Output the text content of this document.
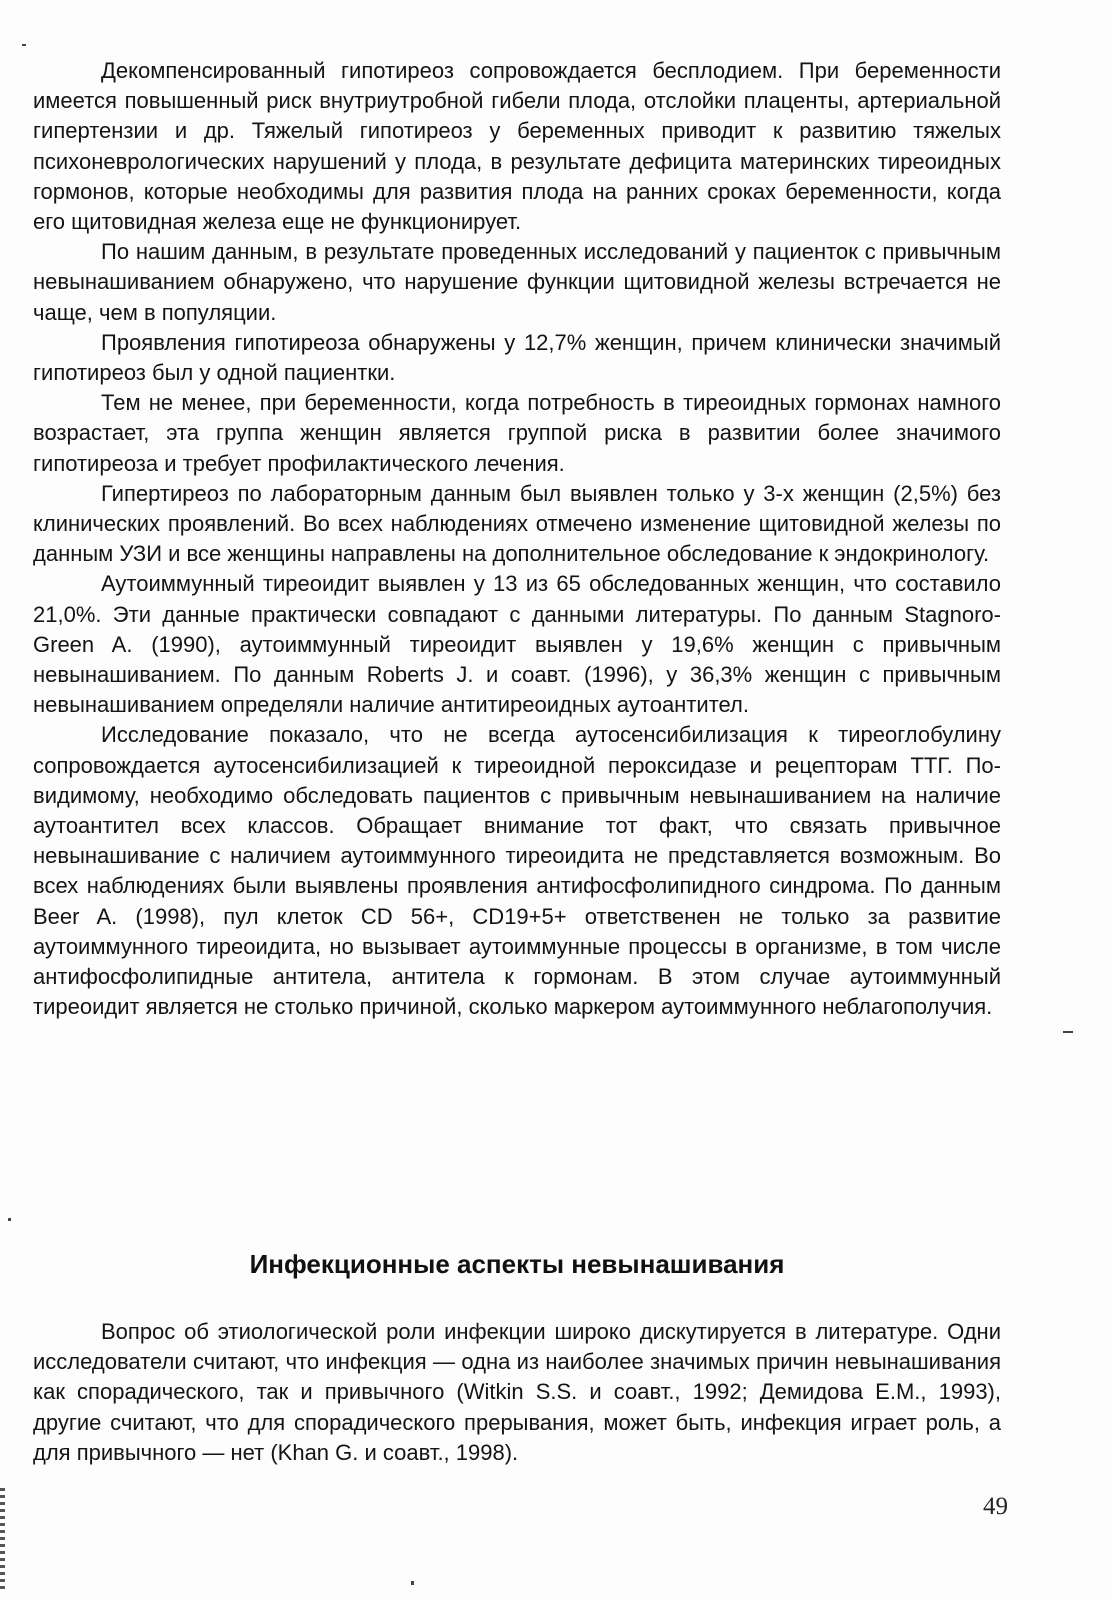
Декомпенсированный гипотиреоз сопровождается бесплодием. При беременности имеется повышенный риск внутриутробной гибели плода, отслойки плаценты, артериальной гипертензии и др. Тяжелый гипотиреоз у беременных приводит к развитию тяжелых психоневрологических нарушений у плода, в результате дефицита материнских тиреоидных гормонов, которые необходимы для развития плода на ранних сроках беременности, когда его щитовидная железа еще не функционирует.

По нашим данным, в результате проведенных исследований у пациенток с привычным невынашиванием обнаружено, что нарушение функции щитовидной железы встречается не чаще, чем в популяции.

Проявления гипотиреоза обнаружены у 12,7% женщин, причем клинически значимый гипотиреоз был у одной пациентки.

Тем не менее, при беременности, когда потребность в тиреоидных гормонах намного возрастает, эта группа женщин является группой риска в развитии более значимого гипотиреоза и требует профилактического лечения.

Гипертиреоз по лабораторным данным был выявлен только у 3-х женщин (2,5%) без клинических проявлений. Во всех наблюдениях отмечено изменение щитовидной железы по данным УЗИ и все женщины направлены на дополнительное обследование к эндокринологу.

Аутоиммунный тиреоидит выявлен у 13 из 65 обследованных женщин, что составило 21,0%. Эти данные практически совпадают с данными литературы. По данным Stagnoro-Green A. (1990), аутоиммунный тиреоидит выявлен у 19,6% женщин с привычным невынашиванием. По данным Roberts J. и соавт. (1996), у 36,3% женщин с привычным невынашиванием определяли наличие антитиреоидных аутоантител.

Исследование показало, что не всегда аутосенсибилизация к тиреоглобулину сопровождается аутосенсибилизацией к тиреоидной пероксидазе и рецепторам ТТГ. По-видимому, необходимо обследовать пациентов с привычным невынашиванием на наличие аутоантител всех классов. Обращает внимание тот факт, что связать привычное невынашивание с наличием аутоиммунного тиреоидита не представляется возможным. Во всех наблюдениях были выявлены проявления антифосфолипидного синдрома. По данным Beer A. (1998), пул клеток CD 56+, CD19+5+ ответственен не только за развитие аутоиммунного тиреоидита, но вызывает аутоиммунные процессы в организме, в том числе антифосфолипидные антитела, антитела к гормонам. В этом случае аутоиммунный тиреоидит является не столько причиной, сколько маркером аутоиммунного неблагополучия.

Инфекционные аспекты невынашивания

Вопрос об этиологической роли инфекции широко дискутируется в литературе. Одни исследователи считают, что инфекция — одна из наиболее значимых причин невынашивания как спорадического, так и привычного (Witkin S.S. и соавт., 1992; Демидова Е.М., 1993), другие считают, что для спорадического прерывания, может быть, инфекция играет роль, а для привычного — нет (Khan G. и соавт., 1998).

49
